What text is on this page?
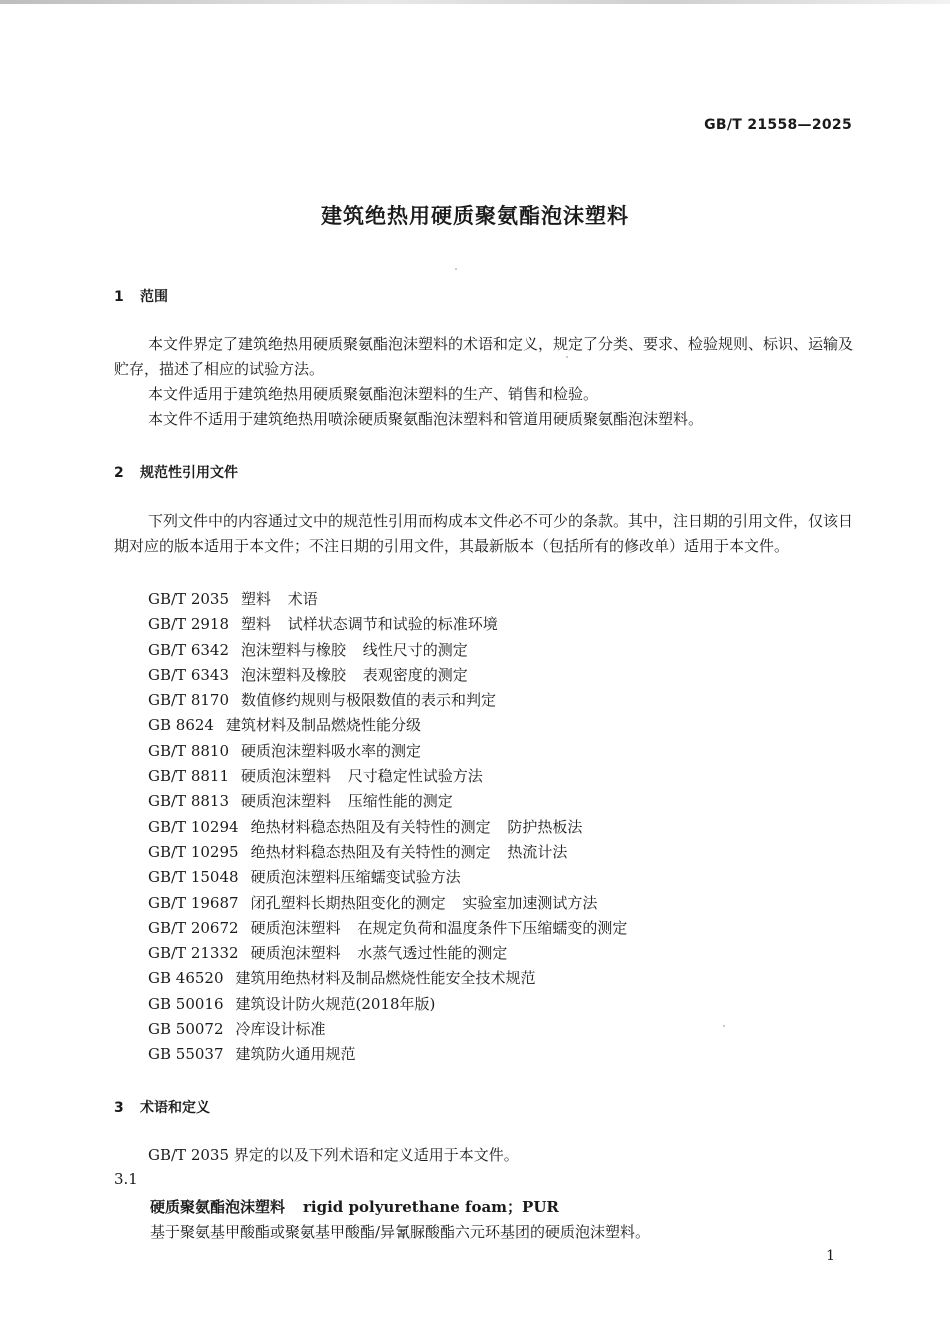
GB/T 21558—2025
建筑绝热用硬质聚氨酯泡沫塑料
1 范围

本文件界定了建筑绝热用硬质聚氨酯泡沫塑料的术语和定义，规定了分类、要求、检验规则、标识、运输及贮存，描述了相应的试验方法。

本文件适用于建筑绝热用硬质聚氨酯泡沫塑料的生产、销售和检验。

本文件不适用于建筑绝热用喷涂硬质聚氨酯泡沫塑料和管道用硬质聚氨酯泡沫塑料。

2 规范性引用文件

下列文件中的内容通过文中的规范性引用而构成本文件必不可少的条款。其中，注日期的引用文件，仅该日期对应的版本适用于本文件；不注日期的引用文件，其最新版本（包括所有的修改单）适用于本文件。

GB/T 2035 塑料 术语
GB/T 2918 塑料 试样状态调节和试验的标准环境
GB/T 6342 泡沫塑料与橡胶 线性尺寸的测定
GB/T 6343 泡沫塑料及橡胶 表观密度的测定
GB/T 8170 数值修约规则与极限数值的表示和判定
GB 8624 建筑材料及制品燃烧性能分级
GB/T 8810 硬质泡沫塑料吸水率的测定
GB/T 8811 硬质泡沫塑料 尺寸稳定性试验方法
GB/T 8813 硬质泡沫塑料 压缩性能的测定
GB/T 10294 绝热材料稳态热阻及有关特性的测定 防护热板法
GB/T 10295 绝热材料稳态热阻及有关特性的测定 热流计法
GB/T 15048 硬质泡沫塑料压缩蠕变试验方法
GB/T 19687 闭孔塑料长期热阻变化的测定 实验室加速测试方法
GB/T 20672 硬质泡沫塑料 在规定负荷和温度条件下压缩蠕变的测定
GB/T 21332 硬质泡沫塑料 水蒸气透过性能的测定
GB 46520 建筑用绝热材料及制品燃烧性能安全技术规范
GB 50016 建筑设计防火规范(2018年版)
GB 50072 冷库设计标准
GB 55037 建筑防火通用规范
3 术语和定义

GB/T 2035 界定的以及下列术语和定义适用于本文件。

3.1
硬质聚氨酯泡沫塑料 rigid polyurethane foam；PUR
基于聚氨基甲酸酯或聚氨基甲酸酯/异氰脲酸酯六元环基团的硬质泡沫塑料。
1
